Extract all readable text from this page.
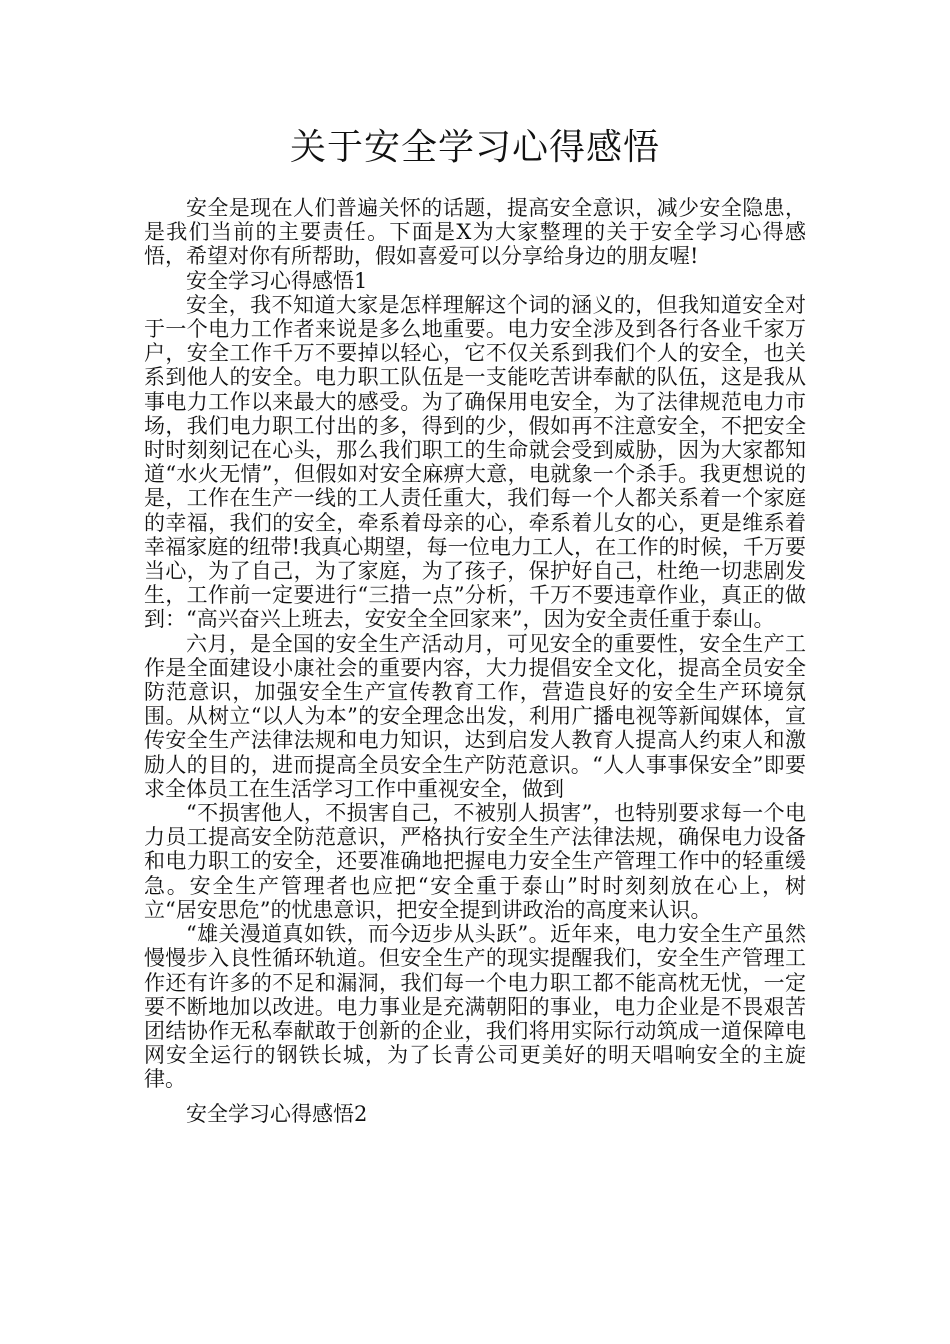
关于安全学习心得感悟

安全是现在人们普遍关怀的话题，提高安全意识，减少安全隐患，是我们当前的主要责任。下面是X为大家整理的关于安全学习心得感悟，希望对你有所帮助，假如喜爱可以分享给身边的朋友喔!

安全学习心得感悟1

安全，我不知道大家是怎样理解这个词的涵义的，但我知道安全对于一个电力工作者来说是多么地重要。电力安全涉及到各行各业千家万户，安全工作千万不要掉以轻心，它不仅关系到我们个人的安全，也关系到他人的安全。电力职工队伍是一支能吃苦讲奉献的队伍，这是我从事电力工作以来最大的感受。为了确保用电安全，为了法律规范电力市场，我们电力职工付出的多，得到的少，假如再不注意安全，不把安全时时刻刻记在心头，那么我们职工的生命就会受到威胁，因为大家都知道“水火无情”，但假如对安全麻痹大意，电就象一个杀手。我更想说的是，工作在生产一线的工人责任重大，我们每一个人都关系着一个家庭的幸福，我们的安全，牵系着母亲的心，牵系着儿女的心，更是维系着幸福家庭的纽带!我真心期望，每一位电力工人，在工作的时候，千万要当心，为了自己，为了家庭，为了孩子，保护好自己，杜绝一切悲剧发生，工作前一定要进行“三措一点”分析，千万不要违章作业，真正的做到：“高兴奋兴上班去，安安全全回家来”，因为安全责任重于泰山。

六月，是全国的安全生产活动月，可见安全的重要性，安全生产工作是全面建设小康社会的重要内容，大力提倡安全文化，提高全员安全防范意识，加强安全生产宣传教育工作，营造良好的安全生产环境氛围。从树立“以人为本”的安全理念出发，利用广播电视等新闻媒体，宣传安全生产法律法规和电力知识，达到启发人教育人提高人约束人和激励人的目的，进而提高全员安全生产防范意识。“人人事事保安全”即要求全体员工在生活学习工作中重视安全，做到

“不损害他人，不损害自己，不被别人损害”，也特别要求每一个电力员工提高安全防范意识，严格执行安全生产法律法规，确保电力设备和电力职工的安全，还要准确地把握电力安全生产管理工作中的轻重缓急。安全生产管理者也应把“安全重于泰山”时时刻刻放在心上，树立“居安思危”的忧患意识，把安全提到讲政治的高度来认识。

“雄关漫道真如铁，而今迈步从头跃”。近年来，电力安全生产虽然慢慢步入良性循环轨道。但安全生产的现实提醒我们，安全生产管理工作还有许多的不足和漏洞，我们每一个电力职工都不能高枕无忧，一定要不断地加以改进。电力事业是充满朝阳的事业，电力企业是不畏艰苦团结协作无私奉献敢于创新的企业，我们将用实际行动筑成一道保障电网安全运行的钢铁长城，为了长青公司更美好的明天唱响安全的主旋律。

安全学习心得感悟2
